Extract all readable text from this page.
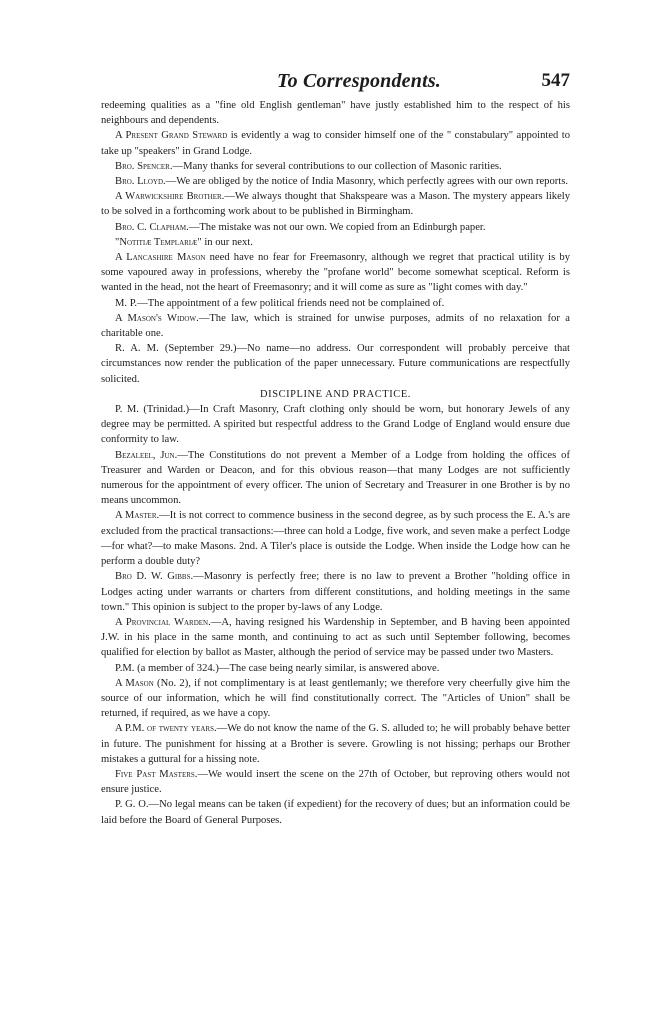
To Correspondents.	547

redeeming qualities as a "fine old English gentleman" have justly established him to the respect of his neighbours and dependents.

A Present Grand Steward is evidently a wag to consider himself one of the " constabulary" appointed to take up "speakers" in Grand Lodge.

Bro. Spencer.—Many thanks for several contributions to our collection of Masonic rarities.

Bro. Lloyd.—We are obliged by the notice of India Masonry, which perfectly agrees with our own reports.

A Warwickshire Brother.—We always thought that Shakspeare was a Mason. The mystery appears likely to be solved in a forthcoming work about to be published in Birmingham.

Bro. C. Clapham.—The mistake was not our own. We copied from an Edinburgh paper.

"Notitiæ Templariæ" in our next.

A Lancashire Mason need have no fear for Freemasonry, although we regret that practical utility is by some vapoured away in professions, whereby the "profane world" become somewhat sceptical. Reform is wanted in the head, not the heart of Freemasonry; and it will come as sure as "light comes with day."

M. P.—The appointment of a few political friends need not be complained of.

A Mason's Widow.—The law, which is strained for unwise purposes, admits of no relaxation for a charitable one.

R. A. M. (September 29.)—No name—no address. Our correspondent will probably perceive that circumstances now render the publication of the paper unnecessary. Future communications are respectfully solicited.

DISCIPLINE AND PRACTICE.

P. M. (Trinidad.)—In Craft Masonry, Craft clothing only should be worn, but honorary Jewels of any degree may be permitted. A spirited but respectful address to the Grand Lodge of England would ensure due conformity to law.

Bezaleel, Jun.—The Constitutions do not prevent a Member of a Lodge from holding the offices of Treasurer and Warden or Deacon, and for this obvious reason—that many Lodges are not sufficiently numerous for the appointment of every officer. The union of Secretary and Treasurer in one Brother is by no means uncommon.

A Master.—It is not correct to commence business in the second degree, as by such process the E. A.'s are excluded from the practical transactions:—three can hold a Lodge, five work, and seven make a perfect Lodge—for what?—to make Masons. 2nd. A Tiler's place is outside the Lodge. When inside the Lodge how can he perform a double duty?

Bro D. W. Gibbs.—Masonry is perfectly free; there is no law to prevent a Brother "holding office in Lodges acting under warrants or charters from different constitutions, and holding meetings in the same town." This opinion is subject to the proper by-laws of any Lodge.

A Provincial Warden.—A, having resigned his Wardenship in September, and B having been appointed J.W. in his place in the same month, and continuing to act as such until September following, becomes qualified for election by ballot as Master, although the period of service may be passed under two Masters.

P.M. (a member of 324.)—The case being nearly similar, is answered above.

A Mason (No. 2), if not complimentary is at least gentlemanly; we therefore very cheerfully give him the source of our information, which he will find constitutionally correct. The "Articles of Union" shall be returned, if required, as we have a copy.

A P.M. of twenty years.—We do not know the name of the G. S. alluded to; he will probably behave better in future. The punishment for hissing at a Brother is severe. Growling is not hissing; perhaps our Brother mistakes a guttural for a hissing note.

Five Past Masters.—We would insert the scene on the 27th of October, but reproving others would not ensure justice.

P. G. O.—No legal means can be taken (if expedient) for the recovery of dues; but an information could be laid before the Board of General Purposes.
